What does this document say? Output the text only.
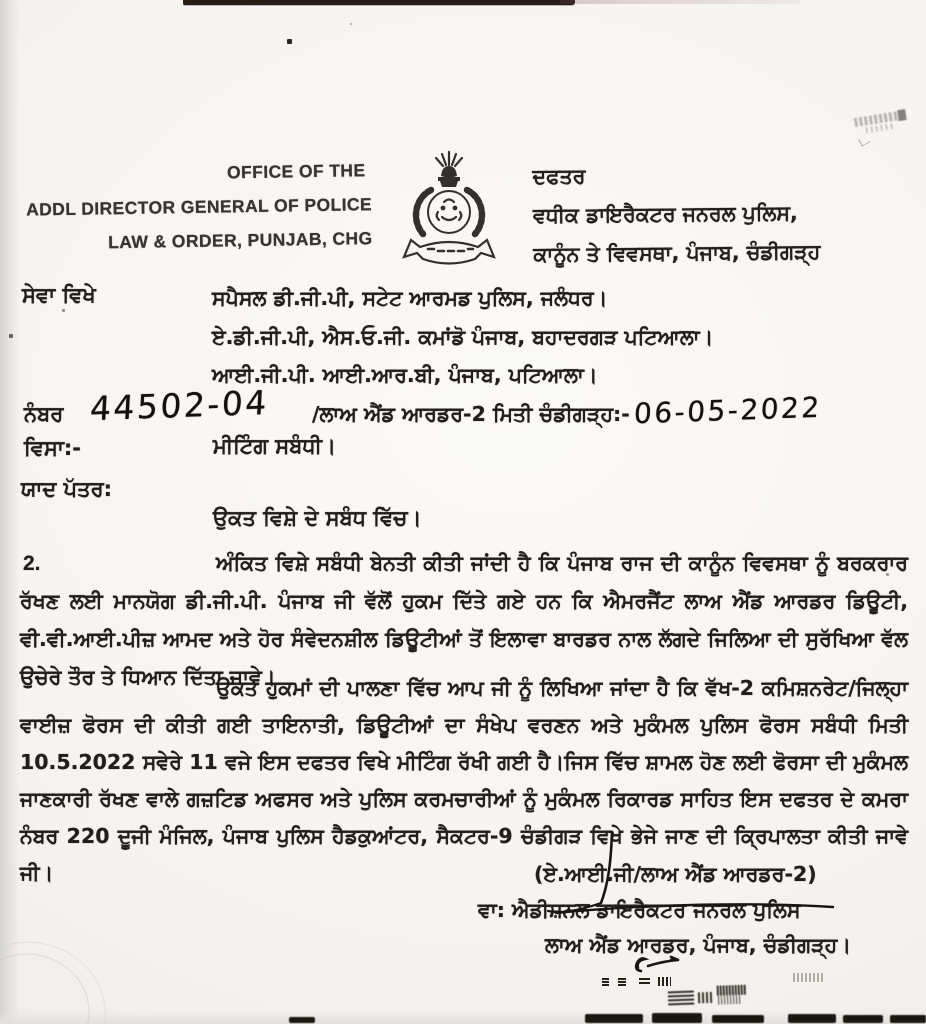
OFFICE OF THE
ADDL DIRECTOR GENERAL OF POLICE
LAW & ORDER, PUNJAB, CHG
ਦਫਤਰ
ਵਧੀਕ ਡਾਇਰੈਕਟਰ ਜਨਰਲ ਪੁਲਿਸ,
ਕਾਨੂੰਨ ਤੇ ਵਿਵਸਥਾ, ਪੰਜਾਬ, ਚੰਡੀਗੜ੍ਹ
ਸੇਵਾ ਵਿਖੇ	ਸਪੈਸਲ ਡੀ.ਜੀ.ਪੀ, ਸਟੇਟ ਆਰਮਡ ਪੁਲਿਸ, ਜਲੰਧਰ।
ਏ.ਡੀ.ਜੀ.ਪੀ, ਐਸ.ਓ.ਜੀ. ਕਮਾਂਡੋ ਪੰਜਾਬ, ਬਹਾਦਰਗੜ ਪਟਿਆਲਾ।
ਆਈ.ਜੀ.ਪੀ. ਆਈ.ਆਰ.ਬੀ, ਪੰਜਾਬ, ਪਟਿਆਲਾ।
ਨੰਬਰ 44502-04 /ਲਾਅ ਐਂਡ ਆਰਡਰ-2 ਮਿਤੀ ਚੰਡੀਗੜ੍ਹ:- 06-05-2022
ਵਿਸਾ:-	ਮੀਟਿੰਗ ਸਬੰਧੀ।
ਯਾਦ ਪੱਤਰ:
ਉਕਤ ਵਿਸ਼ੇ ਦੇ ਸਬੰਧ ਵਿੱਚ।
2.	ਅੰਕਿਤ ਵਿਸ਼ੇ ਸਬੰਧੀ ਬੇਨਤੀ ਕੀਤੀ ਜਾਂਦੀ ਹੈ ਕਿ ਪੰਜਾਬ ਰਾਜ ਦੀ ਕਾਨੂੰਨ ਵਿਵਸਥਾ ਨੂੰ ਬਰਕਰਾਰ ਰੱਖਣ ਲਈ ਮਾਨਯੋਗ ਡੀ.ਜੀ.ਪੀ. ਪੰਜਾਬ ਜੀ ਵੱਲੋਂ ਹੁਕਮ ਦਿੱਤੇ ਗਏ ਹਨ ਕਿ ਐਮਰਜੈਂਟ ਲਾਅ ਐਂਡ ਆਰਡਰ ਡਿਊਟੀ, ਵੀ.ਵੀ.ਆਈ.ਪੀਜ਼ ਆਮਦ ਅਤੇ ਹੋਰ ਸੰਵੇਦਨਸ਼ੀਲ ਡਿਊਟੀਆਂ ਤੋਂ ਇਲਾਵਾ ਬਾਰਡਰ ਨਾਲ ਲੱਗਦੇ ਜਿਲਿਆ ਦੀ ਸੁਰੱਖਿਆ ਵੱਲ ਉਚੇਰੇ ਤੌਰ ਤੇ ਧਿਆਨ ਦਿੱਤਾ ਜਾਵੇ।
ਉਕਤ ਹੁਕਮਾਂ ਦੀ ਪਾਲਣਾ ਵਿੱਚ ਆਪ ਜੀ ਨੂੰ ਲਿਖਿਆ ਜਾਂਦਾ ਹੈ ਕਿ ਵੱਖ-2 ਕਮਿਸ਼ਨਰੇਟ/ਜਿਲ੍ਹਾ ਵਾਈਜ਼ ਫੋਰਸ ਦੀ ਕੀਤੀ ਗਈ ਤਾਇਨਾਤੀ, ਡਿਊਟੀਆਂ ਦਾ ਸੰਖੇਪ ਵਰਣਨ ਅਤੇ ਮੁਕੰਮਲ ਪੁਲਿਸ ਫੋਰਸ ਸਬੰਧੀ ਮਿਤੀ 10.5.2022 ਸਵੇਰੇ 11 ਵਜੇ ਇਸ ਦਫਤਰ ਵਿਖੇ ਮੀਟਿੰਗ ਰੱਖੀ ਗਈ ਹੈ।ਜਿਸ ਵਿੱਚ ਸ਼ਾਮਲ ਹੋਣ ਲਈ ਫੋਰਸਾ ਦੀ ਮੁਕੰਮਲ ਜਾਣਕਾਰੀ ਰੱਖਣ ਵਾਲੇ ਗਜ਼ਟਿਡ ਅਫਸਰ ਅਤੇ ਪੁਲਿਸ ਕਰਮਚਾਰੀਆਂ ਨੂੰ ਮੁਕੰਮਲ ਰਿਕਾਰਡ ਸਾਹਿਤ ਇਸ ਦਫਤਰ ਦੇ ਕਮਰਾ ਨੰਬਰ 220 ਦੂਜੀ ਮੰਜਿਲ, ਪੰਜਾਬ ਪੁਲਿਸ ਹੈਡਕੁਆਂਟਰ, ਸੈਕਟਰ-9 ਚੰਡੀਗੜ ਵਿਖੇ ਭੇਜੇ ਜਾਣ ਦੀ ਕ੍ਰਿਪਾਲਤਾ ਕੀਤੀ ਜਾਵੇ ਜੀ।	(ਏ.ਆਈ.ਜੀ/ਲਾਅ ਐਂਡ ਆਰਡਰ-2)
ਵਾ: ਐਡੀਸ਼ਨਲ ਡਾਇਰੈਕਟਰ ਜਨਰਲ ਪੁਲਿਸ
ਲਾਅ ਐਂਡ ਆਰਡਰ, ਪੰਜਾਬ, ਚੰਡੀਗੜ੍ਹ।
